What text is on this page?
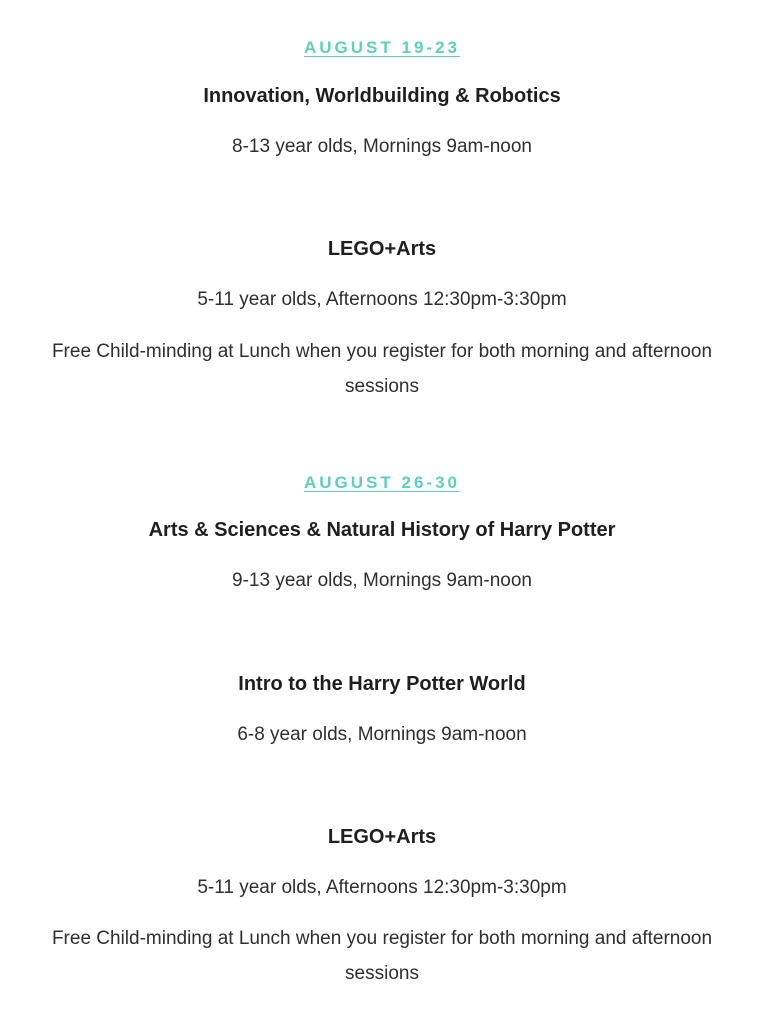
AUGUST 19-23

Innovation, Worldbuilding & Robotics

8-13 year olds, Mornings 9am-noon

LEGO+Arts

5-11 year olds, Afternoons 12:30pm-3:30pm

Free Child-minding at Lunch when you register for both morning and afternoon sessions

AUGUST 26-30

Arts & Sciences & Natural History of Harry Potter

9-13 year olds, Mornings 9am-noon

Intro to the Harry Potter World

6-8 year olds, Mornings 9am-noon

LEGO+Arts

5-11 year olds, Afternoons 12:30pm-3:30pm

Free Child-minding at Lunch when you register for both morning and afternoon sessions
